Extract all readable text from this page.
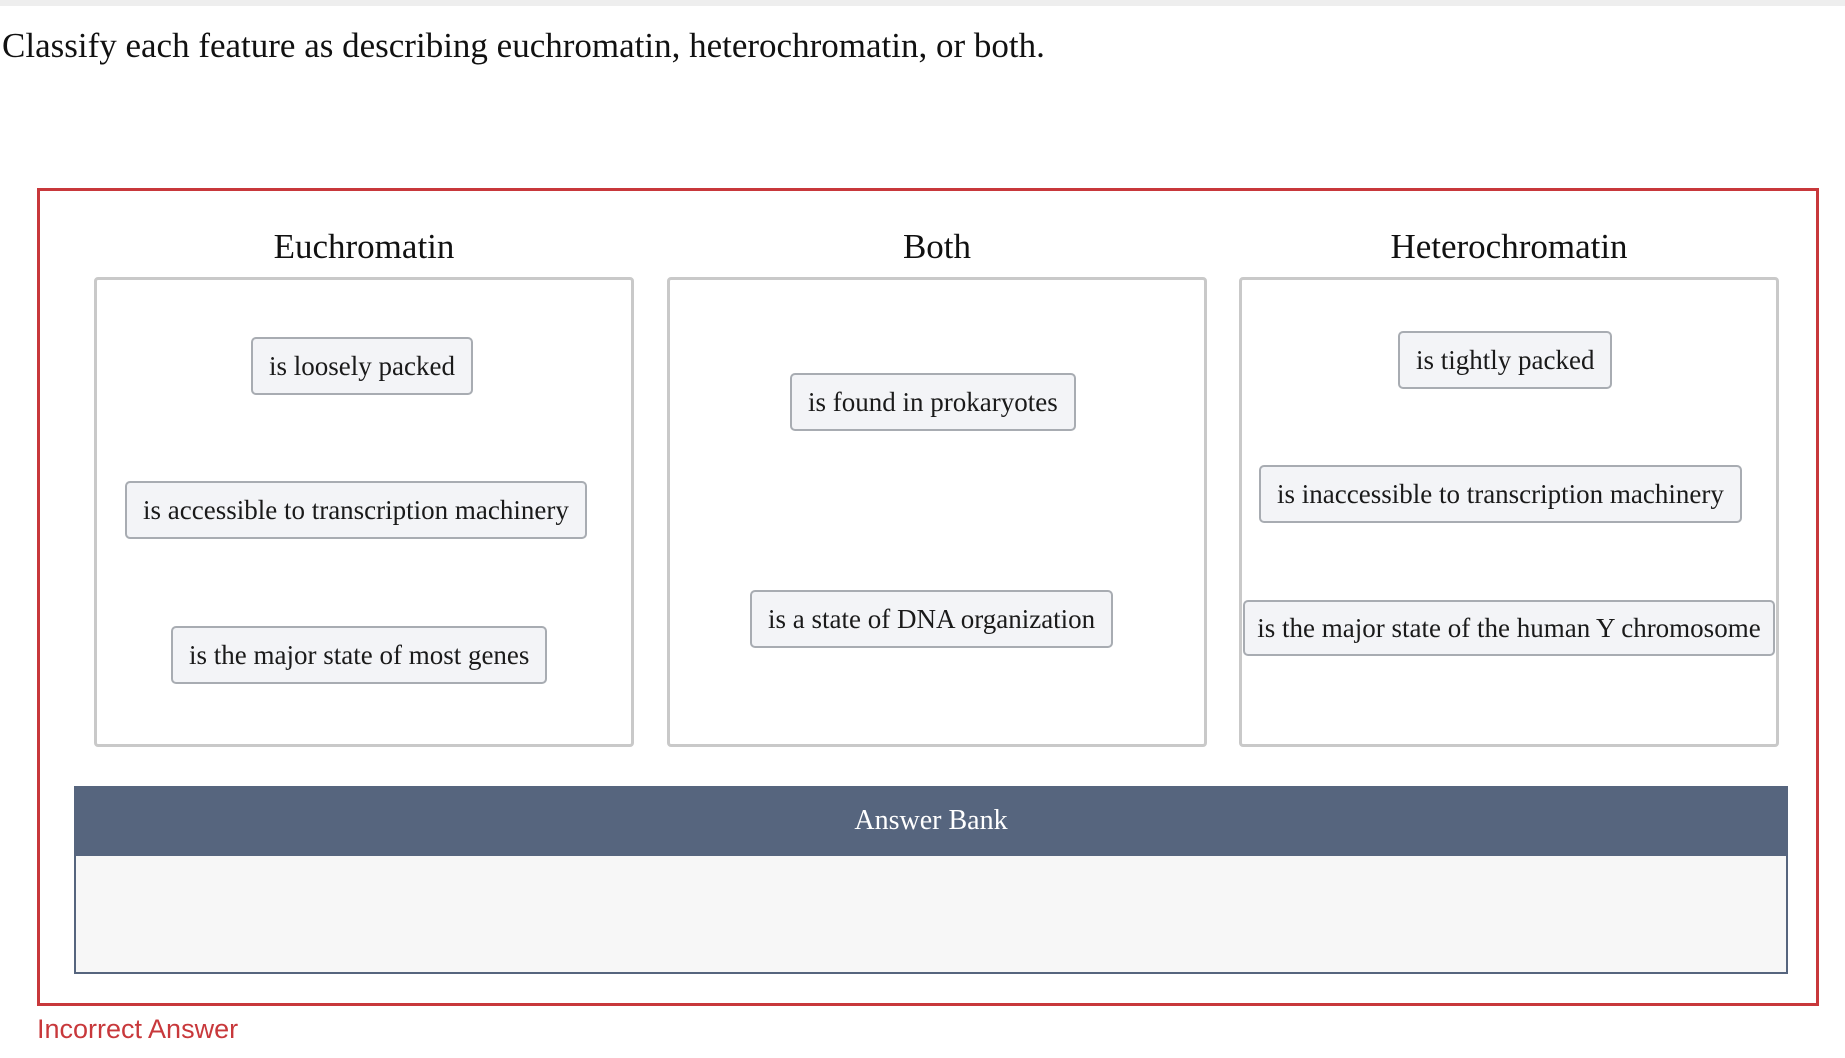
Classify each feature as describing euchromatin, heterochromatin, or both.
Euchromatin
is loosely packed
is accessible to transcription machinery
is the major state of most genes
Both
is found in prokaryotes
is a state of DNA organization
Heterochromatin
is tightly packed
is inaccessible to transcription machinery
is the major state of the human Y chromosome
Answer Bank
Incorrect Answer
